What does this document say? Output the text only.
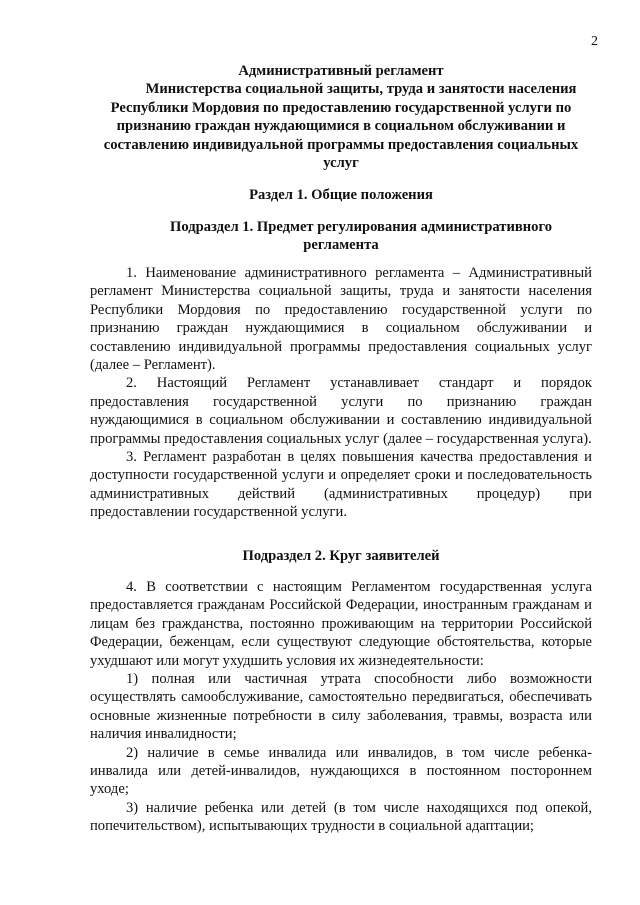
2
Административный регламент
Министерства социальной защиты, труда и занятости населения
Республики Мордовия по предоставлению государственной услуги по признанию граждан нуждающимися в социальном обслуживании и составлению индивидуальной программы предоставления социальных услуг
Раздел 1. Общие положения
Подраздел 1. Предмет регулирования административного
регламента

1. Наименование административного регламента – Административный регламент Министерства социальной защиты, труда и занятости населения Республики Мордовия по предоставлению государственной услуги по признанию граждан нуждающимися в социальном обслуживании и составлению индивидуальной программы предоставления социальных услуг (далее – Регламент).

2. Настоящий Регламент устанавливает стандарт и порядок предоставления государственной услуги по признанию граждан нуждающимися в социальном обслуживании и составлению индивидуальной программы предоставления социальных услуг (далее – государственная услуга).

3. Регламент разработан в целях повышения качества предоставления и доступности государственной услуги и определяет сроки и последовательность административных действий (административных процедур) при предоставлении государственной услуги.

Подраздел 2. Круг заявителей

4. В соответствии с настоящим Регламентом государственная услуга предоставляется гражданам Российской Федерации, иностранным гражданам и лицам без гражданства, постоянно проживающим на территории Российской Федерации, беженцам, если существуют следующие обстоятельства, которые ухудшают или могут ухудшить условия их жизнедеятельности:

1) полная или частичная утрата способности либо возможности осуществлять самообслуживание, самостоятельно передвигаться, обеспечивать основные жизненные потребности в силу заболевания, травмы, возраста или наличия инвалидности;

2) наличие в семье инвалида или инвалидов, в том числе ребенка-инвалида или детей-инвалидов, нуждающихся в постоянном постороннем уходе;

3) наличие ребенка или детей (в том числе находящихся под опекой, попечительством), испытывающих трудности в социальной адаптации;
